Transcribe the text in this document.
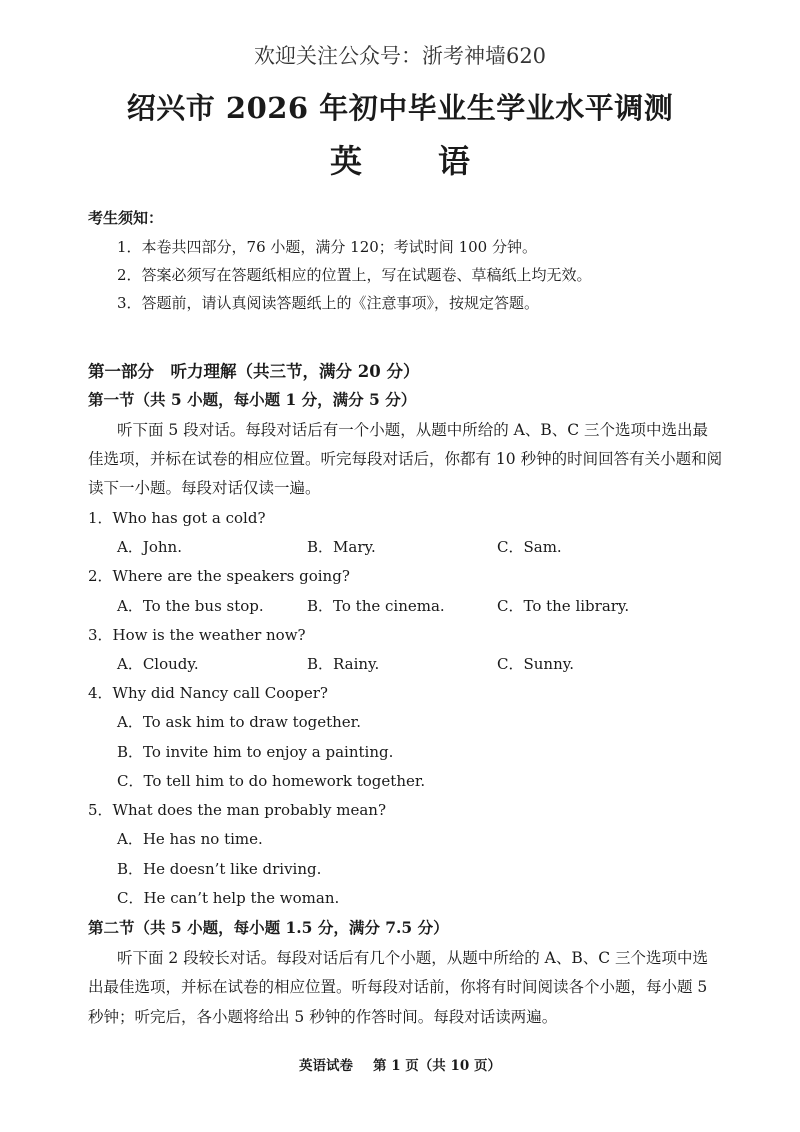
欢迎关注公众号：浙考神墙620
绍兴市 2026 年初中毕业生学业水平调测
英 语
考生须知：
1．本卷共四部分，76 小题，满分 120；考试时间 100 分钟。
2．答案必须写在答题纸相应的位置上，写在试题卷、草稿纸上均无效。
3．答题前，请认真阅读答题纸上的《注意事项》，按规定答题。
第一部分　听力理解（共三节，满分 20 分）
第一节（共 5 小题，每小题 1 分，满分 5 分）
听下面 5 段对话。每段对话后有一个小题，从题中所给的 A、B、C 三个选项中选出最
佳选项，并标在试卷的相应位置。听完每段对话后，你都有 10 秒钟的时间回答有关小题和阅
读下一小题。每段对话仅读一遍。
1．Who has got a cold?
A．John.	B．Mary.	C．Sam.
2．Where are the speakers going?
A．To the bus stop.	B．To the cinema.	C．To the library.
3．How is the weather now?
A．Cloudy.	B．Rainy.	C．Sunny.
4．Why did Nancy call Cooper?
A．To ask him to draw together.
B．To invite him to enjoy a painting.
C．To tell him to do homework together.
5．What does the man probably mean?
A．He has no time.
B．He doesn’t like driving.
C．He can’t help the woman.
第二节（共 5 小题，每小题 1.5 分，满分 7.5 分）
听下面 2 段较长对话。每段对话后有几个小题，从题中所给的 A、B、C 三个选项中选
出最佳选项，并标在试卷的相应位置。听每段对话前，你将有时间阅读各个小题，每小题 5
秒钟；听完后，各小题将给出 5 秒钟的作答时间。每段对话读两遍。
英语试卷 第 1 页（共 10 页）
